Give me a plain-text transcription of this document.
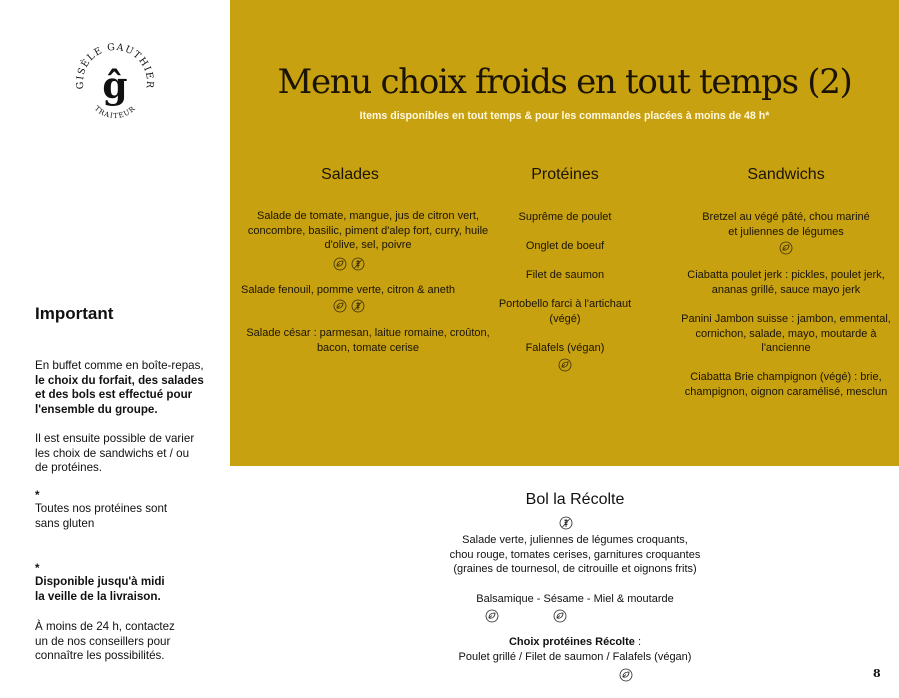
GISÈLE GAUTHIER
ĝ
TRAITEUR
Important
En buffet comme en boîte-repas,
le choix du forfait, des salades
et des bols est effectué pour
l'ensemble du groupe.
Il est ensuite possible de varier
les choix de sandwichs et / ou
de protéines.
*
Toutes nos protéines sont
sans gluten
*
Disponible jusqu'à midi
la veille de la livraison.
À moins de 24 h, contactez
un de nos conseillers pour
connaître les possibilités.
Menu choix froids en tout temps (2)
Items disponibles en tout temps & pour les commandes placées à moins de 48 h*
Salades
Salade de tomate, mangue, jus de citron vert,
concombre, basilic, piment d'alep fort, curry, huile
d'olive, sel, poivre

Salade fenouil, pomme verte, citron & aneth

Salade césar : parmesan, laitue romaine, croûton,
bacon, tomate cerise
Protéines
Suprême de poulet
Onglet de boeuf
Filet de saumon
Portobello farci à l'artichaut
(végé)
Falafels (végan)
Sandwichs
Bretzel au végé pâté, chou mariné
et juliennes de légumes
Ciabatta poulet jerk : pickles, poulet jerk,
ananas grillé, sauce mayo jerk
Panini Jambon suisse : jambon, emmental,
cornichon, salade, mayo, moutarde à
l'ancienne
Ciabatta Brie champignon (végé) : brie,
champignon, oignon caramélisé, mesclun
Bol la Récolte
Salade verte, juliennes de légumes croquants,
chou rouge, tomates cerises, garnitures croquantes
(graines de tournesol, de citrouille et oignons frits)
Balsamique - Sésame - Miel & moutarde
Choix protéines Récolte :
Poulet grillé / Filet de saumon / Falafels (végan)
8
